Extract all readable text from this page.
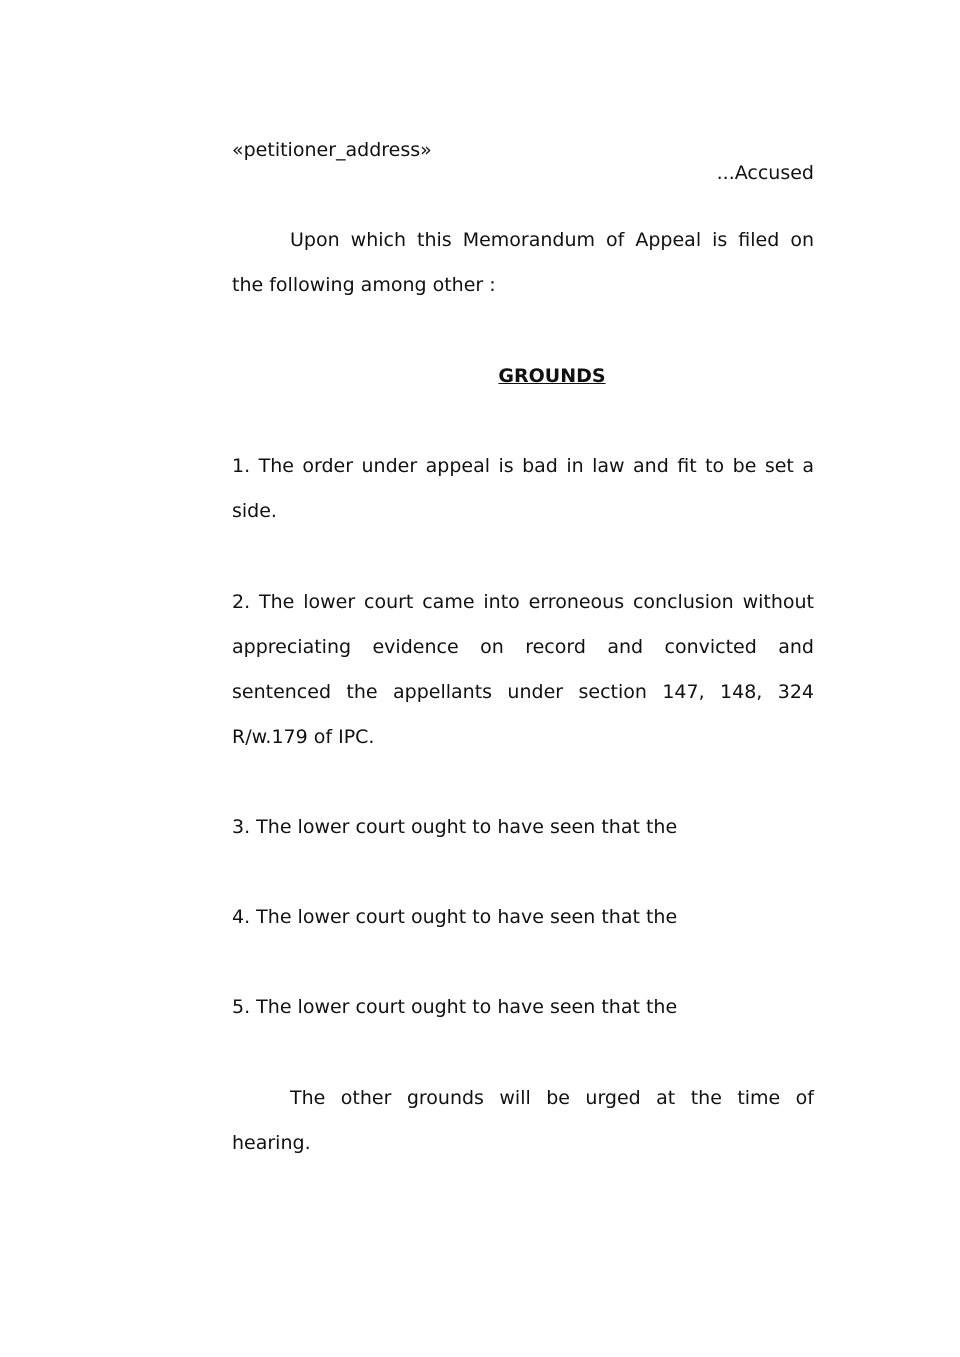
«petitioner_address»
...Accused
Upon which this Memorandum of Appeal is filed on
the following among other :
GROUNDS
1. The order under appeal is bad in law and fit to be set a
side.
2. The lower court came into erroneous conclusion without
appreciating evidence on record and convicted and
sentenced the appellants under section 147, 148, 324
R/w.179 of IPC.
3. The lower court ought to have seen that the
4. The lower court ought to have seen that the
5. The lower court ought to have seen that the
The other grounds will be urged at the time of
hearing.
